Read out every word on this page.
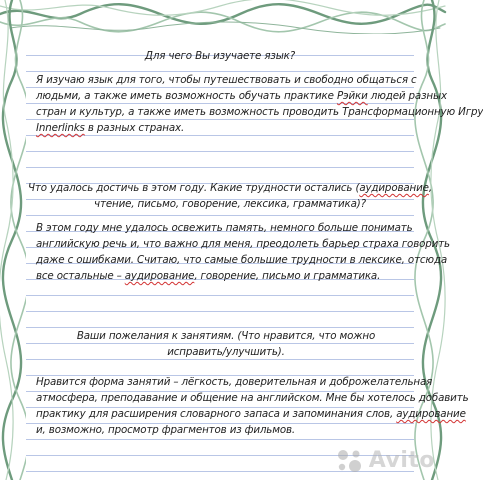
Для чего Вы изучаете язык?
Я изучаю язык для того, чтобы путешествовать и свободно общаться с
людьми, а также иметь возможность обучать практике Рэйки людей разных
стран и культур, а также иметь возможность проводить Трансформационную Игру
Innerlinks в разных странах.
Что удалось достичь в этом году. Какие трудности остались (аудирование,
чтение, письмо, говорение, лексика, грамматика)?
В этом году мне удалось освежить память, немного больше понимать
английскую речь и, что важно для меня, преодолеть барьер страха говорить
даже с ошибками. Считаю, что самые большие трудности в лексике, отсюда
все остальные – аудирование, говорение, письмо и грамматика.
Ваши пожелания к занятиям. (Что нравится, что можно
исправить/улучшить).
Нравится форма занятий – лёгкость, доверительная и доброжелательная
атмосфера, преподавание и общение на английском. Мне бы хотелось добавить
практику для расширения словарного запаса и запоминания слов, аудирование
и, возможно, просмотр фрагментов из фильмов.
Avito
